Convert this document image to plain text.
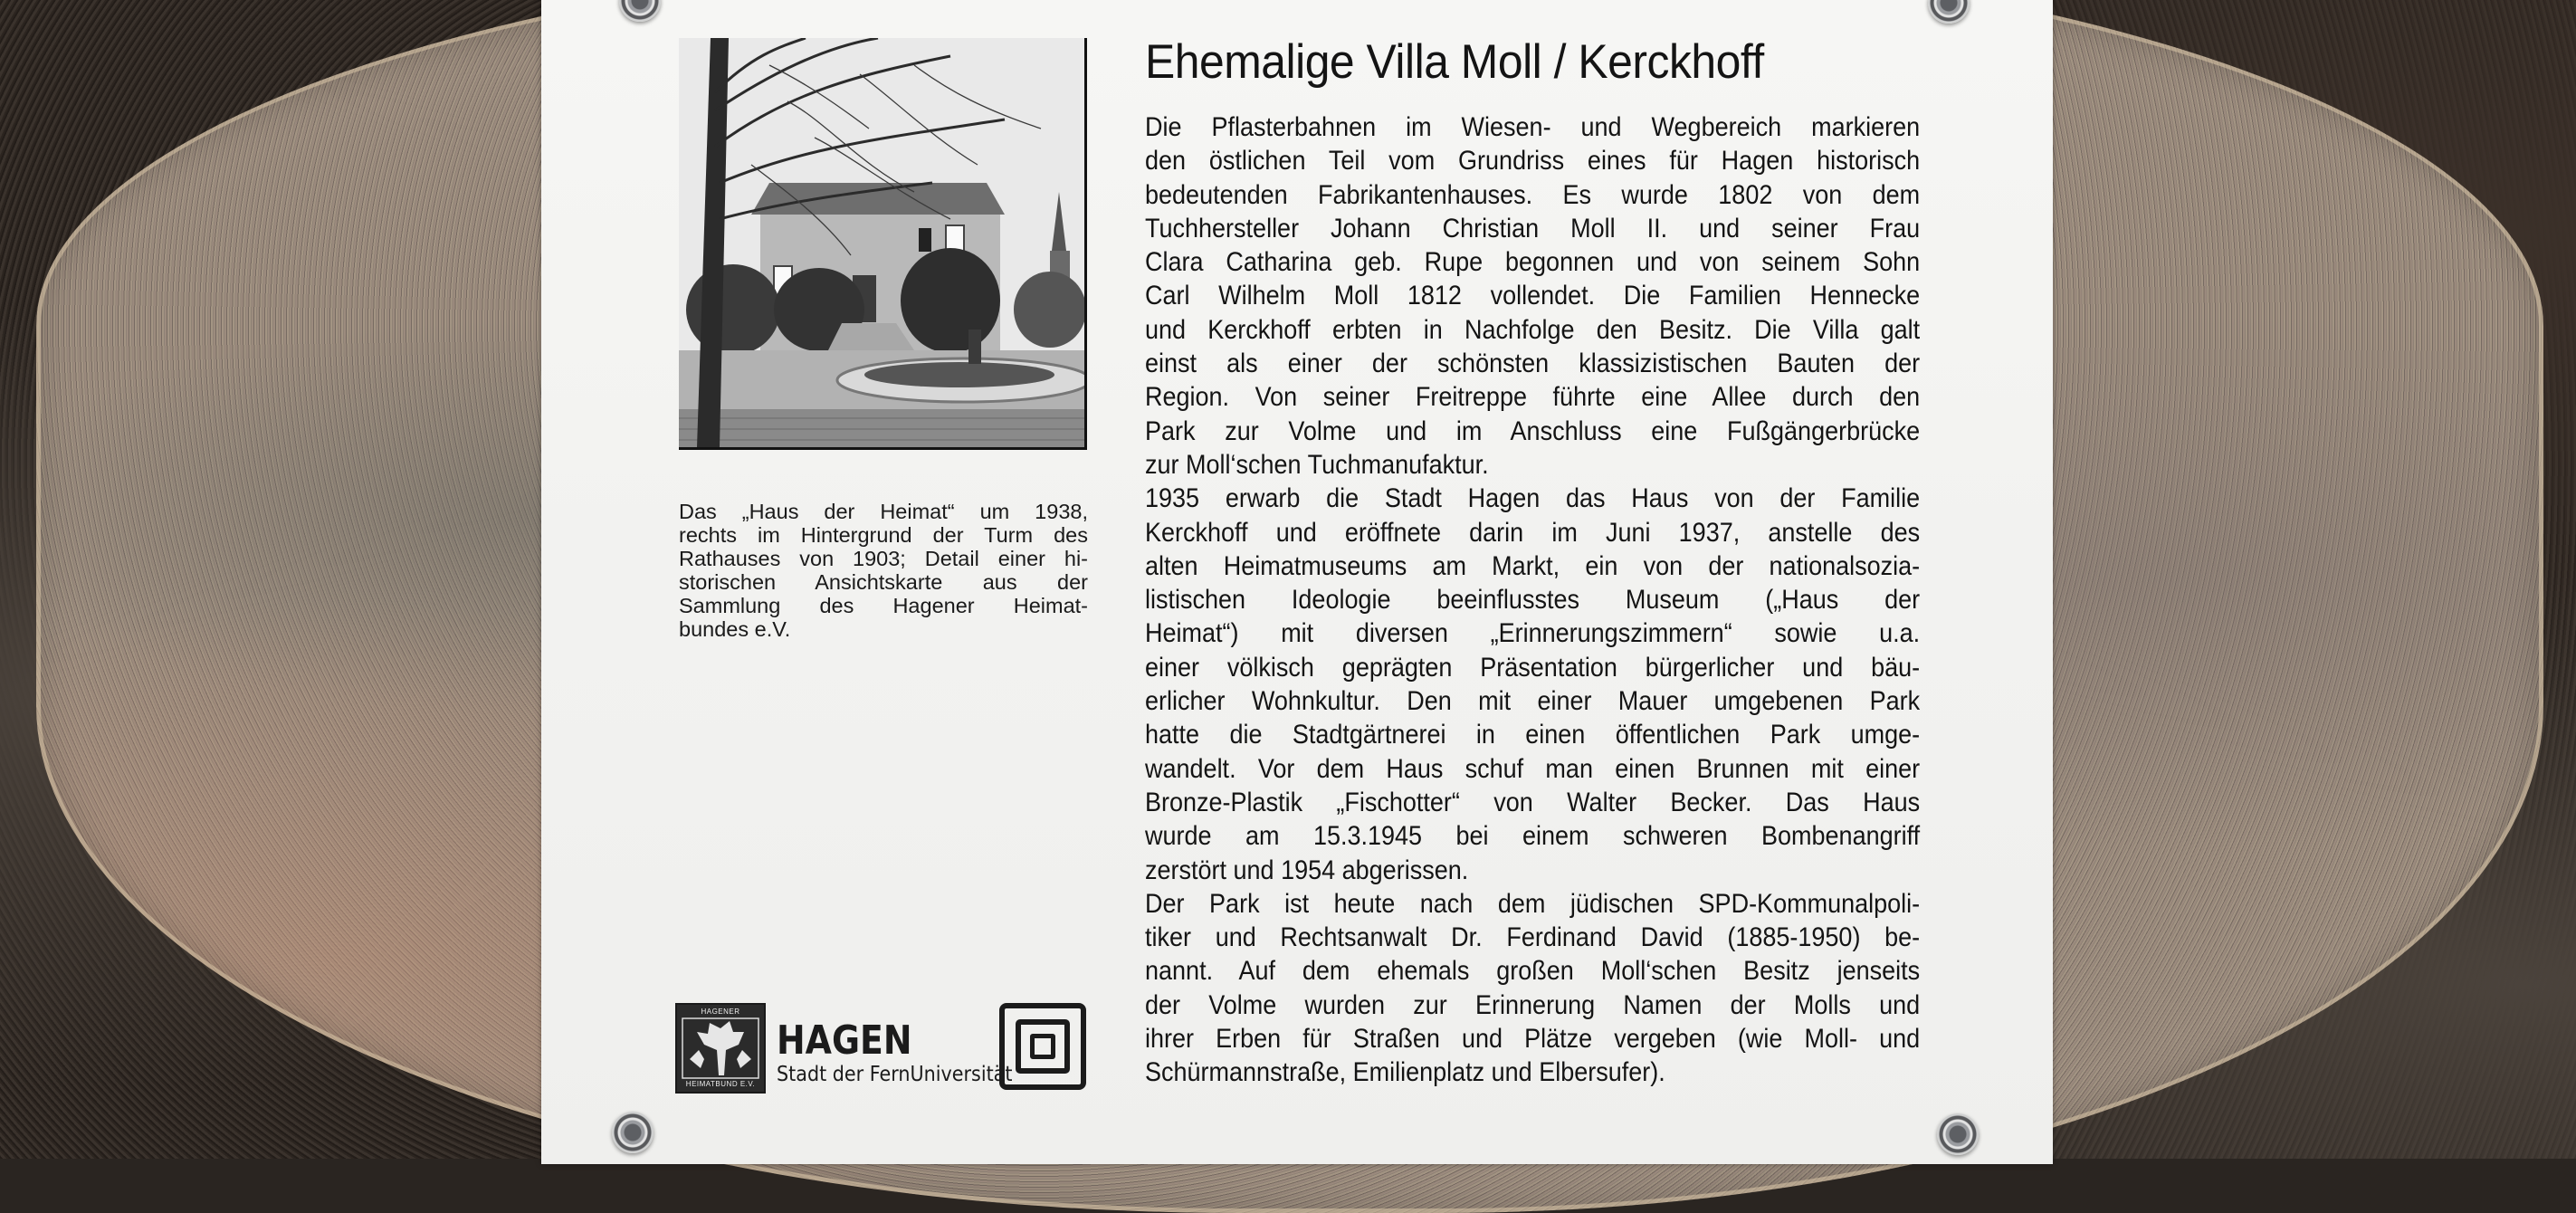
Das „Haus der Heimat“ um 1938,
rechts im Hintergrund der Turm des
Rathauses von 1903; Detail einer hi-
storischen Ansichtskarte aus der
Sammlung des Hagener Heimat-
bundes e.V.
Ehemalige Villa Moll / Kerckhoff
Die Pflasterbahnen im Wiesen- und Wegbereich markieren
den östlichen Teil vom Grundriss eines für Hagen historisch
bedeutenden Fabrikantenhauses. Es wurde 1802 von dem
Tuchhersteller Johann Christian Moll II. und seiner Frau
Clara Catharina geb. Rupe begonnen und von seinem Sohn
Carl Wilhelm Moll 1812 vollendet. Die Familien Hennecke
und Kerckhoff erbten in Nachfolge den Besitz. Die Villa galt
einst als einer der schönsten klassizistischen Bauten der
Region. Von seiner Freitreppe führte eine Allee durch den
Park zur Volme und im Anschluss eine Fußgängerbrücke
zur Moll‘schen Tuchmanufaktur.
1935 erwarb die Stadt Hagen das Haus von der Familie
Kerckhoff und eröffnete darin im Juni 1937, anstelle des
alten Heimatmuseums am Markt, ein von der nationalsozia-
listischen Ideologie beeinflusstes Museum („Haus der
Heimat“) mit diversen „Erinnerungszimmern“ sowie u.a.
einer völkisch geprägten Präsentation bürgerlicher und bäu-
erlicher Wohnkultur. Den mit einer Mauer umgebenen Park
hatte die Stadtgärtnerei in einen öffentlichen Park umge-
wandelt. Vor dem Haus schuf man einen Brunnen mit einer
Bronze-Plastik „Fischotter“ von Walter Becker. Das Haus
wurde am 15.3.1945 bei einem schweren Bombenangriff
zerstört und 1954 abgerissen.
Der Park ist heute nach dem jüdischen SPD-Kommunalpoli-
tiker und Rechtsanwalt Dr. Ferdinand David (1885-1950) be-
nannt. Auf dem ehemals großen Moll‘schen Besitz jenseits
der Volme wurden zur Erinnerung Namen der Molls und
ihrer Erben für Straßen und Plätze vergeben (wie Moll- und
Schürmannstraße, Emilienplatz und Elbersufer).
HAGENER
HEIMATBUND E.V.
HAGEN
Stadt der FernUniversität
